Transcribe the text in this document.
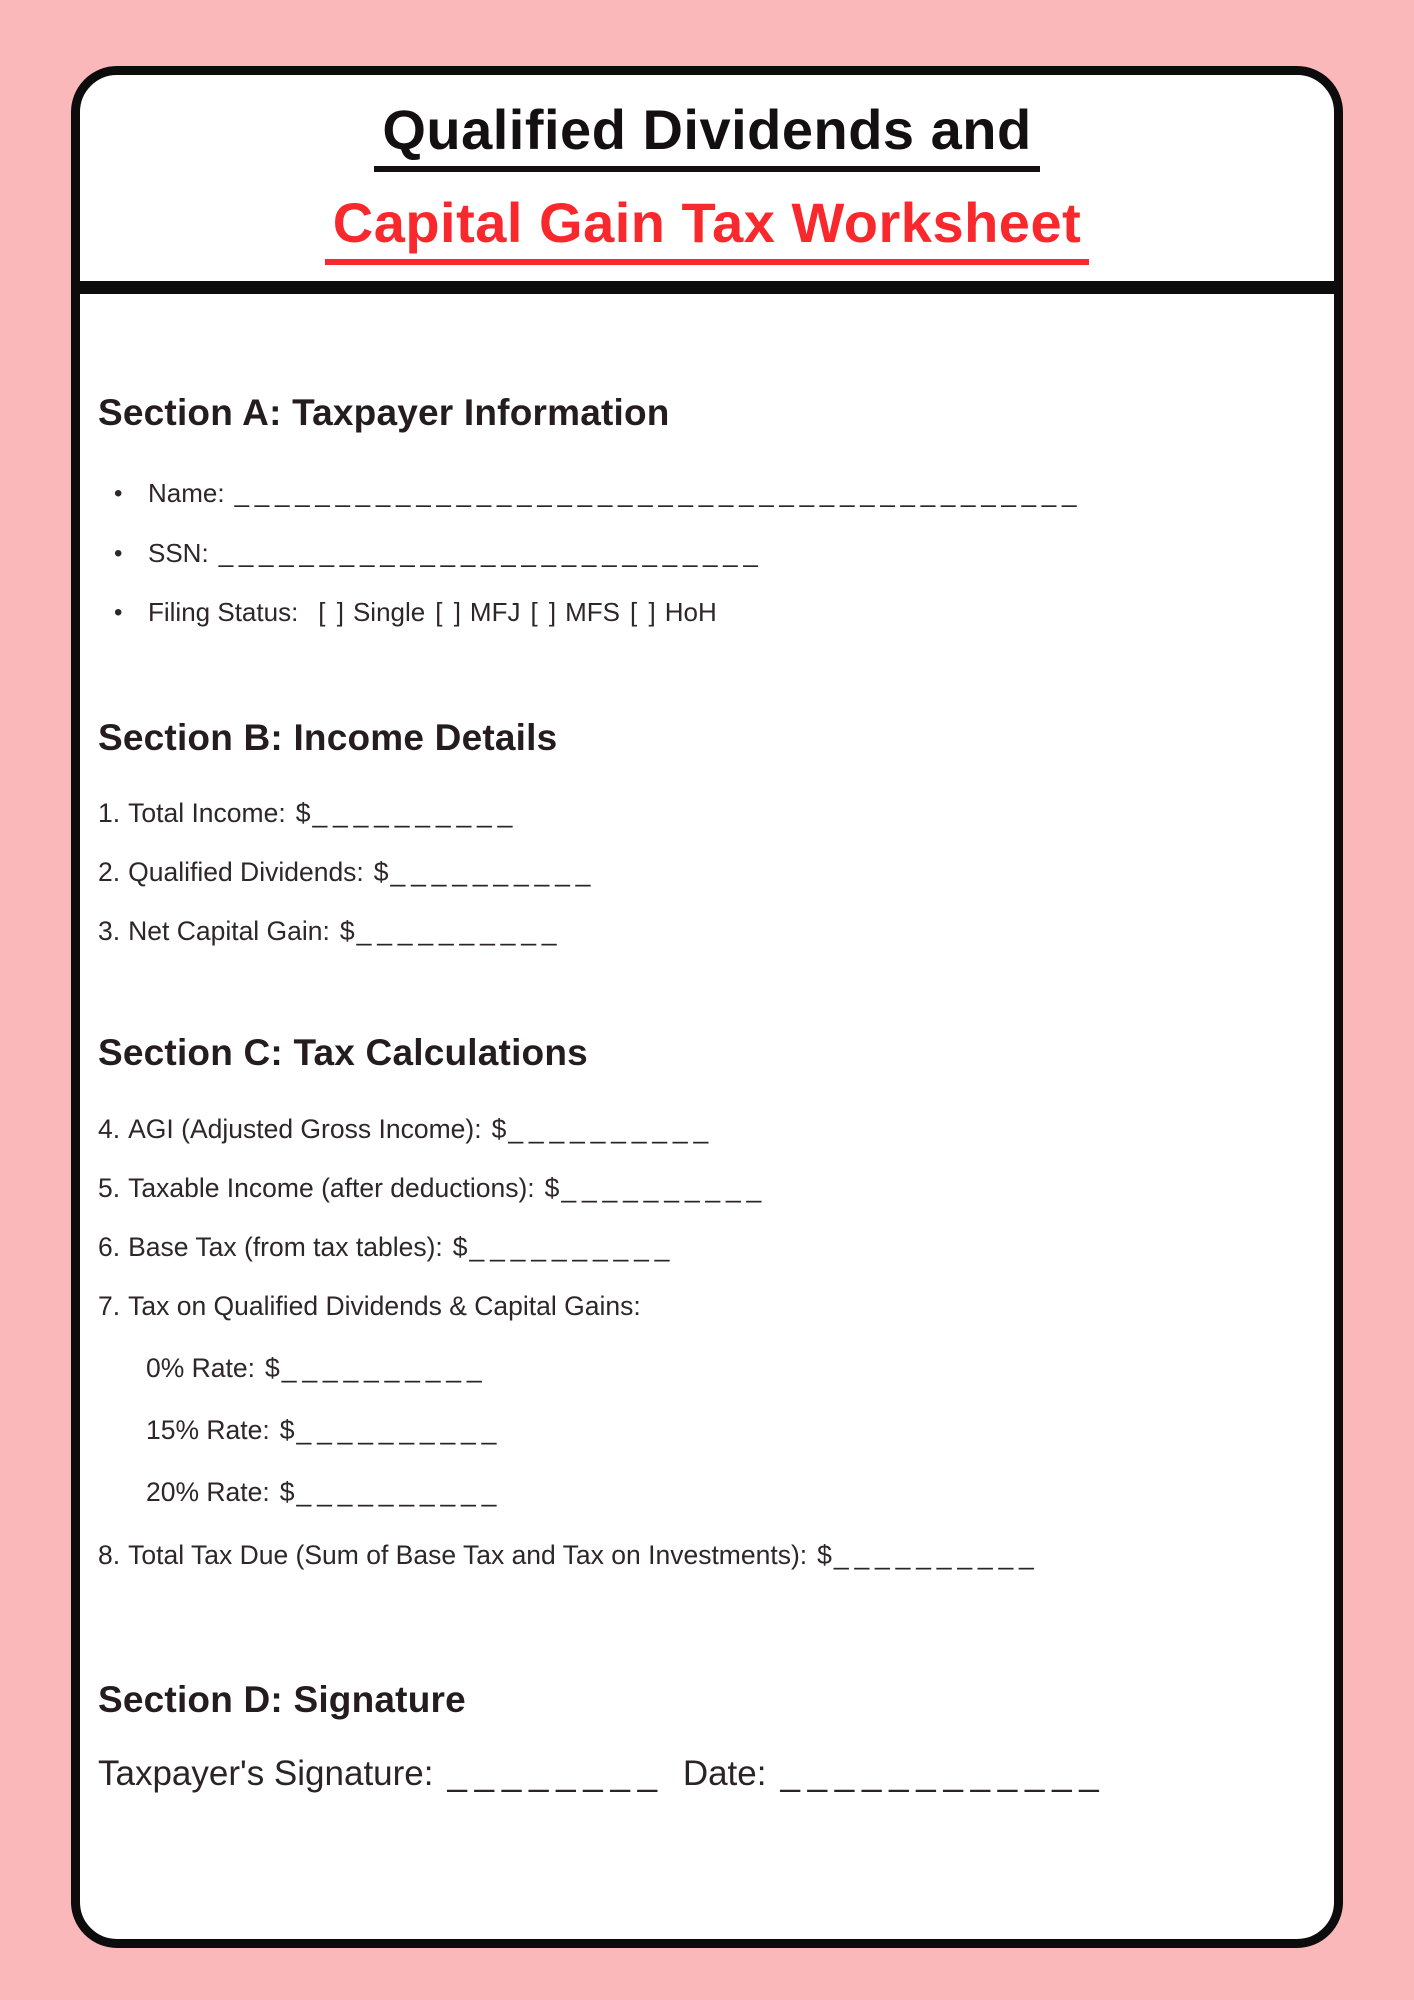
Qualified Dividends and
Capital Gain Tax Worksheet
Section A: Taxpayer Information
• Name: __________________________________________
• SSN: ___________________________
• Filing Status: [ ] Single [ ] MFJ [ ] MFS [ ] HoH
Section B: Income Details
1. Total Income: $__________
2. Qualified Dividends: $__________
3. Net Capital Gain: $__________
Section C: Tax Calculations
4. AGI (Adjusted Gross Income): $__________
5. Taxable Income (after deductions): $__________
6. Base Tax (from tax tables): $__________
7. Tax on Qualified Dividends & Capital Gains:
0% Rate: $__________
15% Rate: $__________
20% Rate: $__________
8. Total Tax Due (Sum of Base Tax and Tax on Investments): $__________
Section D: Signature
Taxpayer's Signature: ________ Date: ____________
